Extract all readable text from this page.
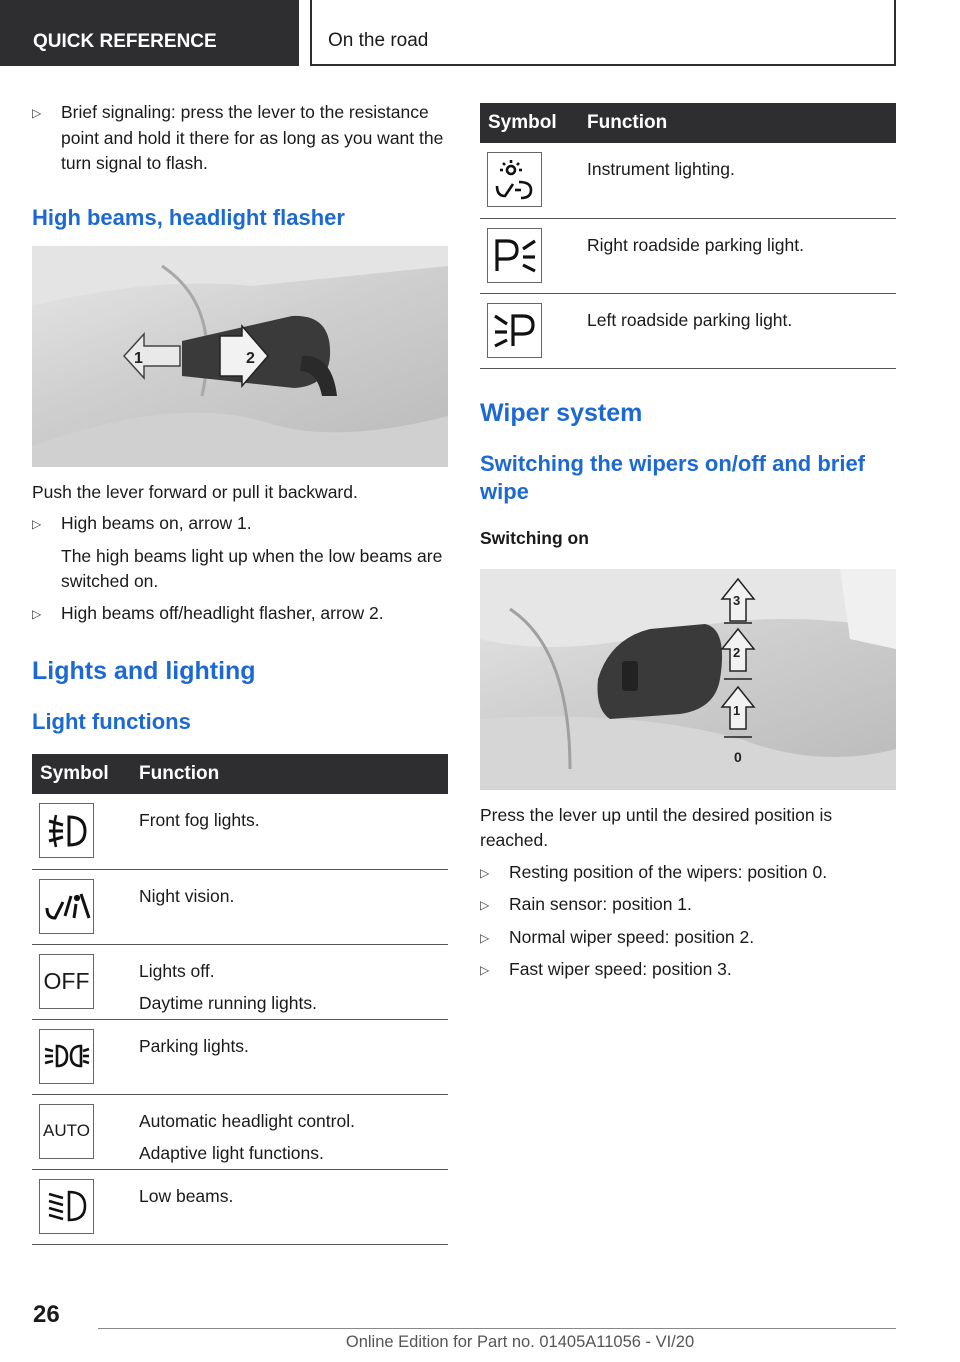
QUICK REFERENCE	On the road
▷	Brief signaling: press the lever to the resistance point and hold it there for as long as you want the turn signal to flash.
High beams, headlight flasher
1	2
Push the lever forward or pull it backward.
▷	High beams on, arrow 1.
The high beams light up when the low beams are switched on.
▷	High beams off/headlight flasher, arrow 2.
Lights and lighting
Light functions
Symbol	Function

Front fog lights.

Night vision.

OFF	Lights off.
Daytime running lights.

Parking lights.

AUTO	Automatic headlight control.
Adaptive light functions.

Low beams.
Symbol	Function

Instrument lighting.

Right roadside parking light.

Left roadside parking light.
Wiper system
Switching the wipers on/off and brief wipe
Switching on
3
2
1
0
Press the lever up until the desired position is reached.
▷	Resting position of the wipers: position 0.
▷	Rain sensor: position 1.
▷	Normal wiper speed: position 2.
▷	Fast wiper speed: position 3.
26
Online Edition for Part no. 01405A11056 - VI/20
